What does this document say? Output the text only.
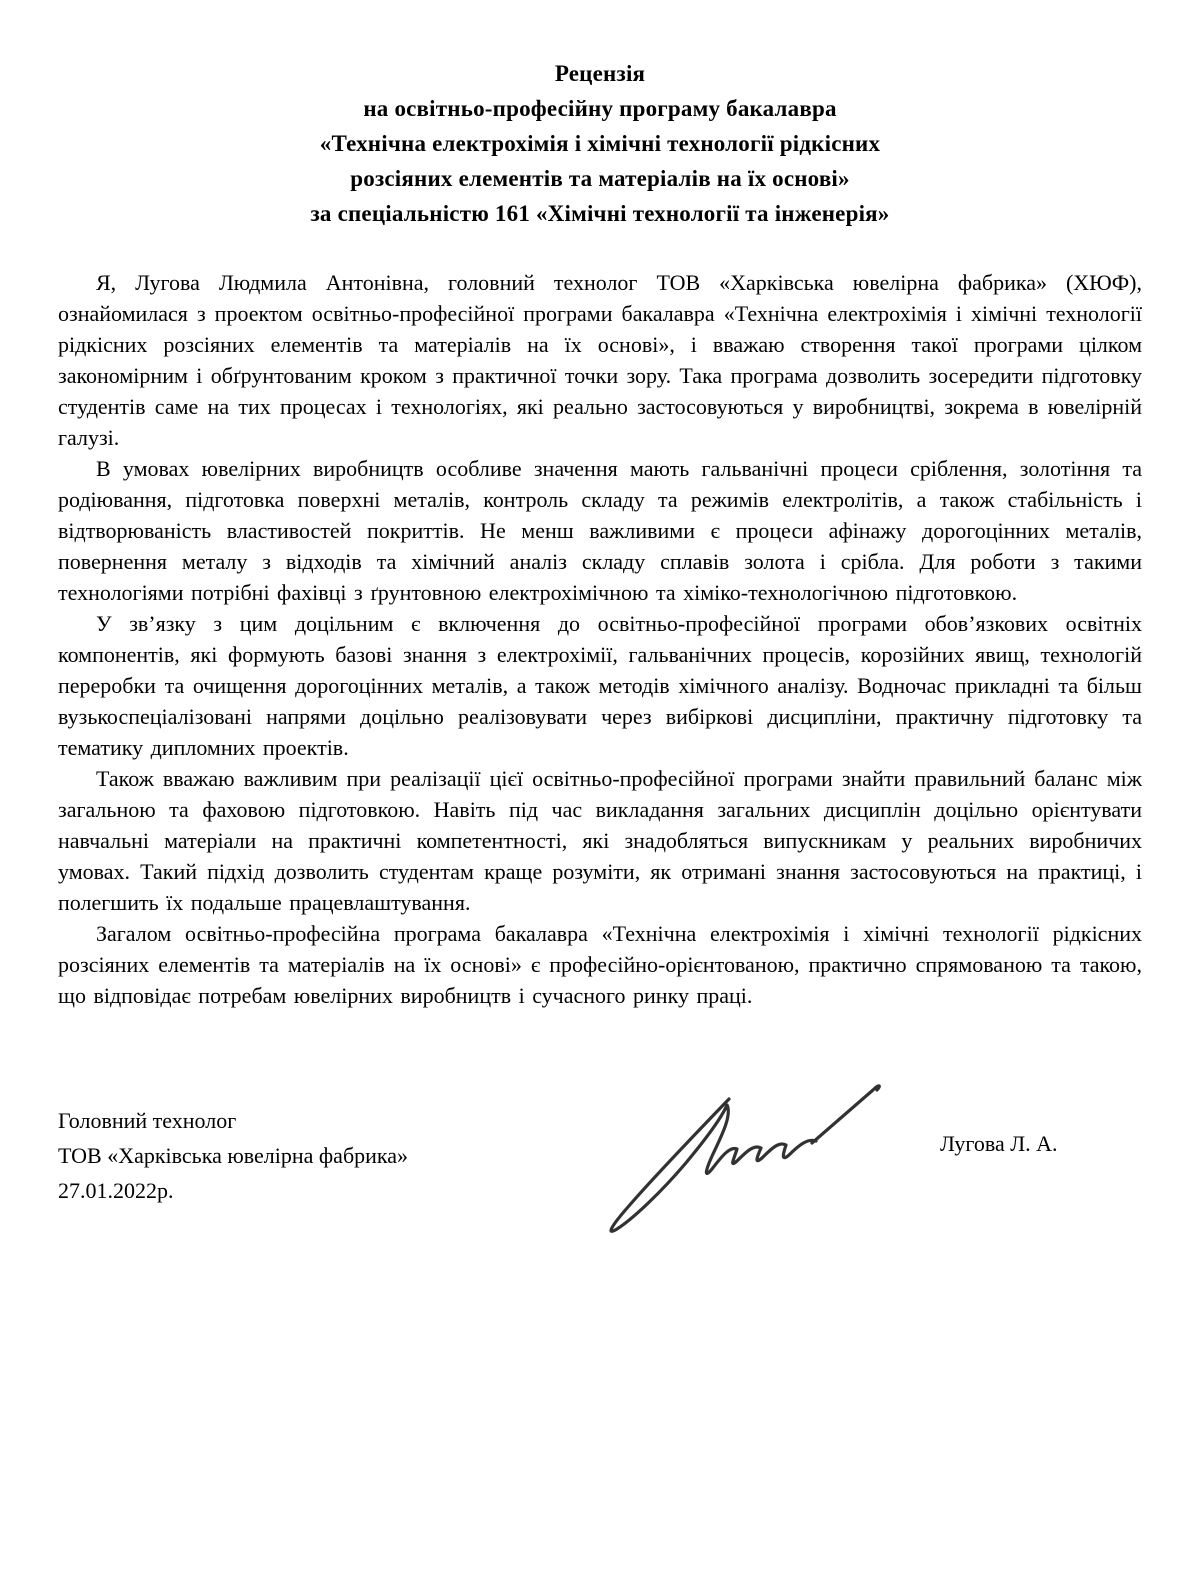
Рецензія
на освітньо-професійну програму бакалавра
«Технічна електрохімія і хімічні технології рідкісних
розсіяних елементів та матеріалів на їх основі»
за спеціальністю 161 «Хімічні технології та інженерія»

Я, Лугова Людмила Антонівна, головний технолог ТОВ «Харківська ювелірна фабрика» (ХЮФ), ознайомилася з проектом освітньо-професійної програми бакалавра «Технічна електрохімія і хімічні технології рідкісних розсіяних елементів та матеріалів на їх основі», і вважаю створення такої програми цілком закономірним і обґрунтованим кроком з практичної точки зору. Така програма дозволить зосередити підготовку студентів саме на тих процесах і технологіях, які реально застосовуються у виробництві, зокрема в ювелірній галузі.

В умовах ювелірних виробництв особливе значення мають гальванічні процеси сріблення, золотіння та родіювання, підготовка поверхні металів, контроль складу та режимів електролітів, а також стабільність і відтворюваність властивостей покриттів. Не менш важливими є процеси афінажу дорогоцінних металів, повернення металу з відходів та хімічний аналіз складу сплавів золота і срібла. Для роботи з такими технологіями потрібні фахівці з ґрунтовною електрохімічною та хіміко-технологічною підготовкою.

У зв’язку з цим доцільним є включення до освітньо-професійної програми обов’язкових освітніх компонентів, які формують базові знання з електрохімії, гальванічних процесів, корозійних явищ, технологій переробки та очищення дорогоцінних металів, а також методів хімічного аналізу. Водночас прикладні та більш вузькоспеціалізовані напрями доцільно реалізовувати через вибіркові дисципліни, практичну підготовку та тематику дипломних проектів.

Також вважаю важливим при реалізації цієї освітньо-професійної програми знайти правильний баланс між загальною та фаховою підготовкою. Навіть під час викладання загальних дисциплін доцільно орієнтувати навчальні матеріали на практичні компетентності, які знадобляться випускникам у реальних виробничих умовах. Такий підхід дозволить студентам краще розуміти, як отримані знання застосовуються на практиці, і полегшить їх подальше працевлаштування.

Загалом освітньо-професійна програма бакалавра «Технічна електрохімія і хімічні технології рідкісних розсіяних елементів та матеріалів на їх основі» є професійно-орієнтованою, практично спрямованою та такою, що відповідає потребам ювелірних виробництв і сучасного ринку праці.

Головний технолог
ТОВ «Харківська ювелірна фабрика»
27.01.2022р.
Лугова Л. А.
